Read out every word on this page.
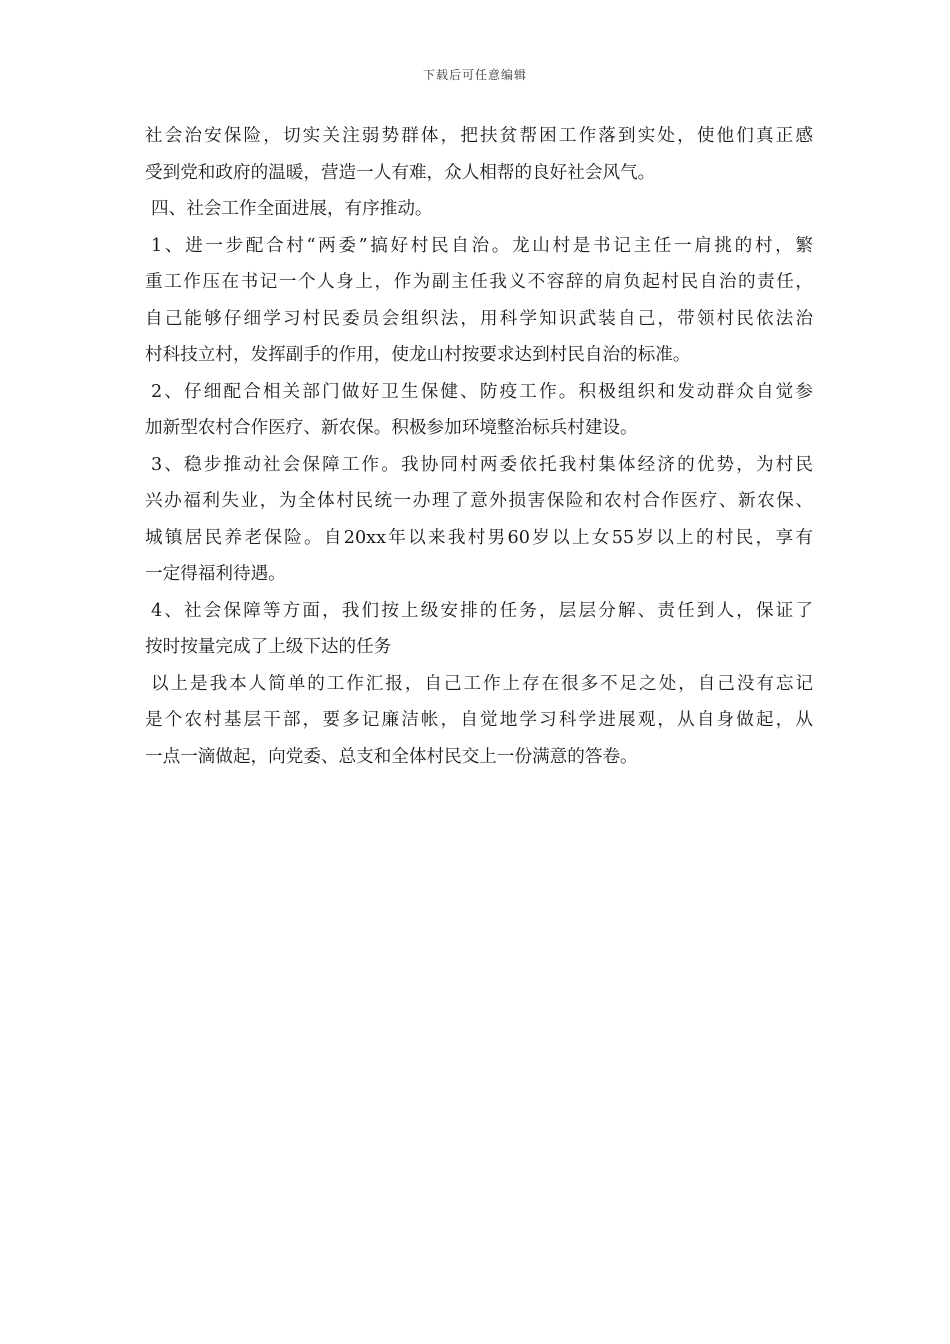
下载后可任意编辑
社会治安保险，切实关注弱势群体，把扶贫帮困工作落到实处，使他们真正感
受到党和政府的温暖，营造一人有难，众人相帮的良好社会风气。
四、社会工作全面进展，有序推动。
1、进一步配合村“两委”搞好村民自治。龙山村是书记主任一肩挑的村，繁
重工作压在书记一个人身上，作为副主任我义不容辞的肩负起村民自治的责任，
自己能够仔细学习村民委员会组织法，用科学知识武装自己，带领村民依法治
村科技立村，发挥副手的作用，使龙山村按要求达到村民自治的标准。
2、仔细配合相关部门做好卫生保健、防疫工作。积极组织和发动群众自觉参
加新型农村合作医疗、新农保。积极参加环境整治标兵村建设。
3、稳步推动社会保障工作。我协同村两委依托我村集体经济的优势，为村民
兴办福利失业，为全体村民统一办理了意外损害保险和农村合作医疗、新农保、
城镇居民养老保险。自20xx年以来我村男60岁以上女55岁以上的村民，享有
一定得福利待遇。
4、社会保障等方面，我们按上级安排的任务，层层分解、责任到人，保证了
按时按量完成了上级下达的任务
以上是我本人简单的工作汇报，自己工作上存在很多不足之处，自己没有忘记
是个农村基层干部，要多记廉洁帐，自觉地学习科学进展观，从自身做起，从
一点一滴做起，向党委、总支和全体村民交上一份满意的答卷。
